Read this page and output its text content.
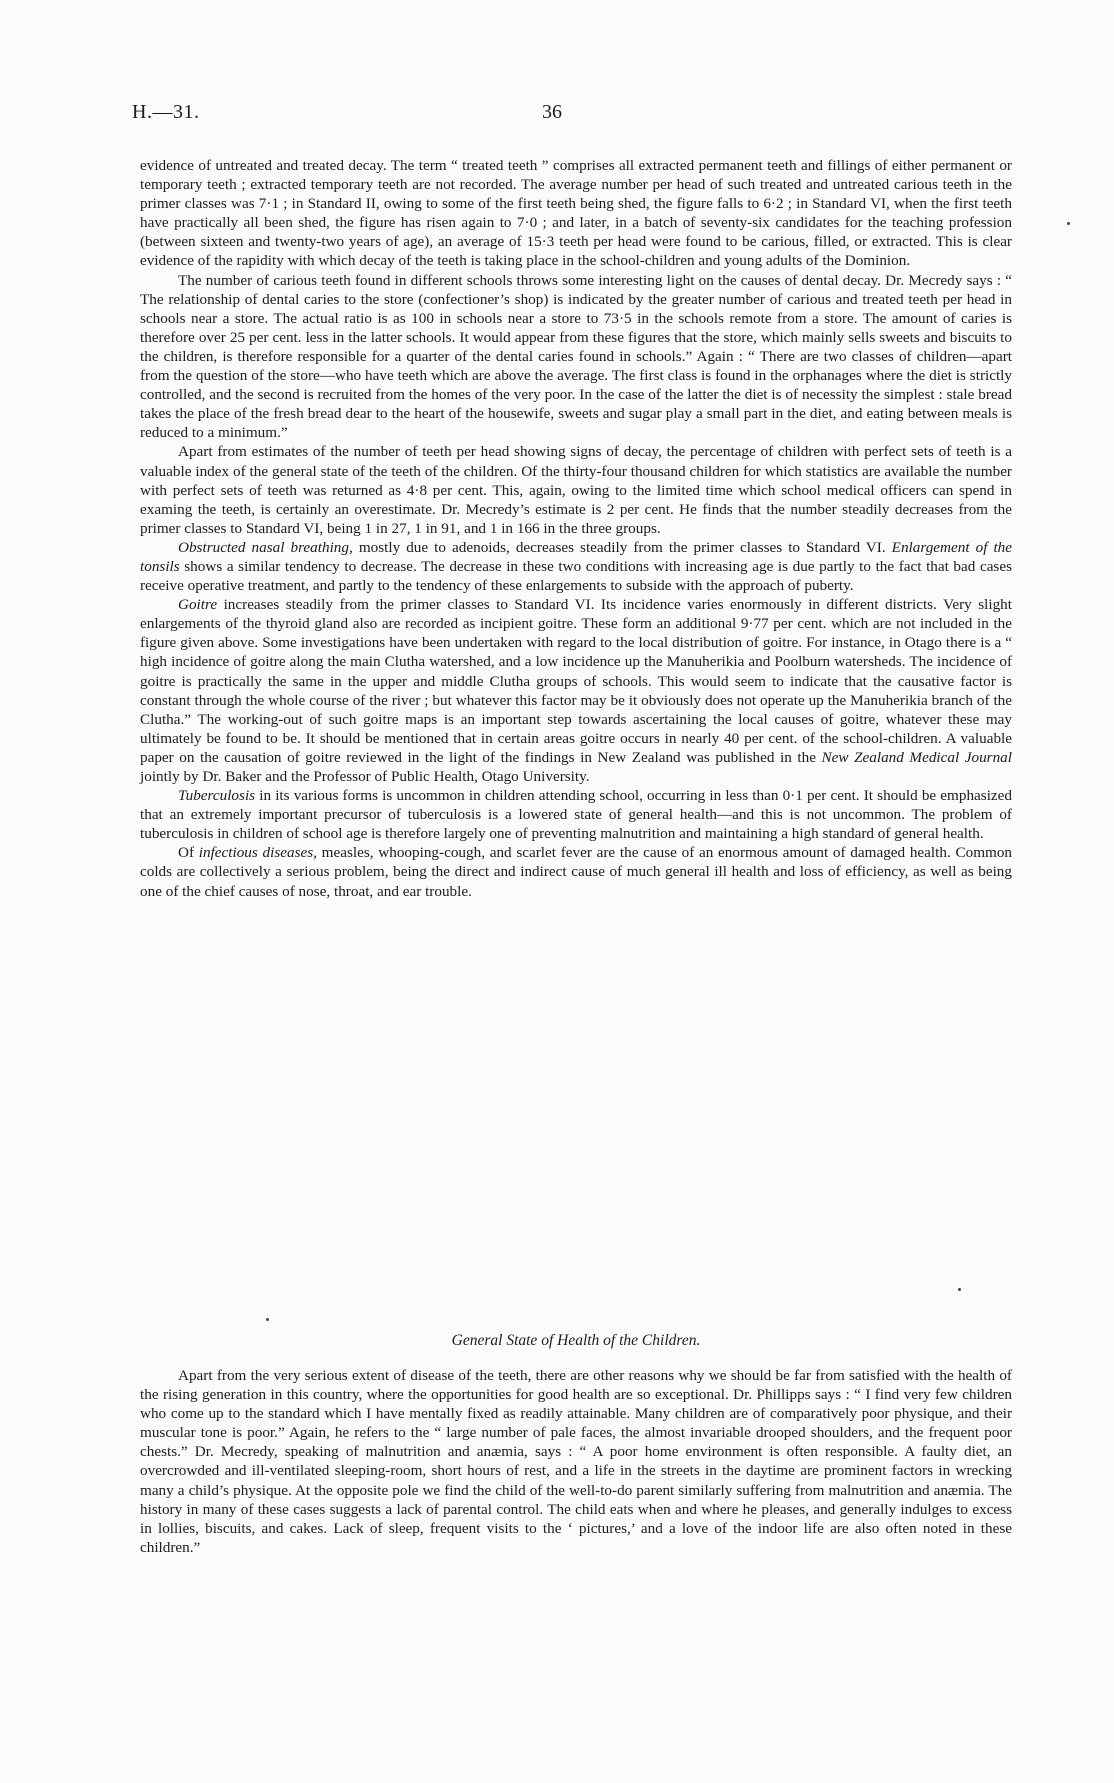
H.—31.	36

evidence of untreated and treated decay. The term “ treated teeth ” comprises all extracted permanent teeth and fillings of either permanent or temporary teeth ; extracted temporary teeth are not recorded. The average number per head of such treated and untreated carious teeth in the primer classes was 7·1 ; in Standard II, owing to some of the first teeth being shed, the figure falls to 6·2 ; in Standard VI, when the first teeth have practically all been shed, the figure has risen again to 7·0 ; and later, in a batch of seventy-six candidates for the teaching profession (between sixteen and twenty-two years of age), an average of 15·3 teeth per head were found to be carious, filled, or extracted. This is clear evidence of the rapidity with which decay of the teeth is taking place in the school-children and young adults of the Dominion.

The number of carious teeth found in different schools throws some interesting light on the causes of dental decay. Dr. Mecredy says : “ The relationship of dental caries to the store (confectioner’s shop) is indicated by the greater number of carious and treated teeth per head in schools near a store. The actual ratio is as 100 in schools near a store to 73·5 in the schools remote from a store. The amount of caries is therefore over 25 per cent. less in the latter schools. It would appear from these figures that the store, which mainly sells sweets and biscuits to the children, is therefore responsible for a quarter of the dental caries found in schools.” Again : “ There are two classes of children—apart from the question of the store—who have teeth which are above the average. The first class is found in the orphanages where the diet is strictly controlled, and the second is recruited from the homes of the very poor. In the case of the latter the diet is of necessity the simplest : stale bread takes the place of the fresh bread dear to the heart of the housewife, sweets and sugar play a small part in the diet, and eating between meals is reduced to a minimum.”

Apart from estimates of the number of teeth per head showing signs of decay, the percentage of children with perfect sets of teeth is a valuable index of the general state of the teeth of the children. Of the thirty-four thousand children for which statistics are available the number with perfect sets of teeth was returned as 4·8 per cent. This, again, owing to the limited time which school medical officers can spend in examing the teeth, is certainly an overestimate. Dr. Mecredy’s estimate is 2 per cent. He finds that the number steadily decreases from the primer classes to Standard VI, being 1 in 27, 1 in 91, and 1 in 166 in the three groups.

Obstructed nasal breathing, mostly due to adenoids, decreases steadily from the primer classes to Standard VI. Enlargement of the tonsils shows a similar tendency to decrease. The decrease in these two conditions with increasing age is due partly to the fact that bad cases receive operative treatment, and partly to the tendency of these enlargements to subside with the approach of puberty.

Goitre increases steadily from the primer classes to Standard VI. Its incidence varies enormously in different districts. Very slight enlargements of the thyroid gland also are recorded as incipient goitre. These form an additional 9·77 per cent. which are not included in the figure given above. Some investigations have been undertaken with regard to the local distribution of goitre. For instance, in Otago there is a “ high incidence of goitre along the main Clutha watershed, and a low incidence up the Manuherikia and Poolburn watersheds. The incidence of goitre is practically the same in the upper and middle Clutha groups of schools. This would seem to indicate that the causative factor is constant through the whole course of the river ; but whatever this factor may be it obviously does not operate up the Manuherikia branch of the Clutha.” The working-out of such goitre maps is an important step towards ascertaining the local causes of goitre, whatever these may ultimately be found to be. It should be mentioned that in certain areas goitre occurs in nearly 40 per cent. of the school-children. A valuable paper on the causation of goitre reviewed in the light of the findings in New Zealand was published in the New Zealand Medical Journal jointly by Dr. Baker and the Professor of Public Health, Otago University.

Tuberculosis in its various forms is uncommon in children attending school, occurring in less than 0·1 per cent. It should be emphasized that an extremely important precursor of tuberculosis is a lowered state of general health—and this is not uncommon. The problem of tuberculosis in children of school age is therefore largely one of preventing malnutrition and maintaining a high standard of general health.

Of infectious diseases, measles, whooping-cough, and scarlet fever are the cause of an enormous amount of damaged health. Common colds are collectively a serious problem, being the direct and indirect cause of much general ill health and loss of efficiency, as well as being one of the chief causes of nose, throat, and ear trouble.

General State of Health of the Children.

Apart from the very serious extent of disease of the teeth, there are other reasons why we should be far from satisfied with the health of the rising generation in this country, where the opportunities for good health are so exceptional. Dr. Phillipps says : “ I find very few children who come up to the standard which I have mentally fixed as readily attainable. Many children are of comparatively poor physique, and their muscular tone is poor.” Again, he refers to the “ large number of pale faces, the almost invariable drooped shoulders, and the frequent poor chests.” Dr. Mecredy, speaking of malnutrition and anæmia, says : “ A poor home environment is often responsible. A faulty diet, an overcrowded and ill-ventilated sleeping-room, short hours of rest, and a life in the streets in the daytime are prominent factors in wrecking many a child’s physique. At the opposite pole we find the child of the well-to-do parent similarly suffering from malnutrition and anæmia. The history in many of these cases suggests a lack of parental control. The child eats when and where he pleases, and generally indulges to excess in lollies, biscuits, and cakes. Lack of sleep, frequent visits to the ‘ pictures,’ and a love of the indoor life are also often noted in these children.”
